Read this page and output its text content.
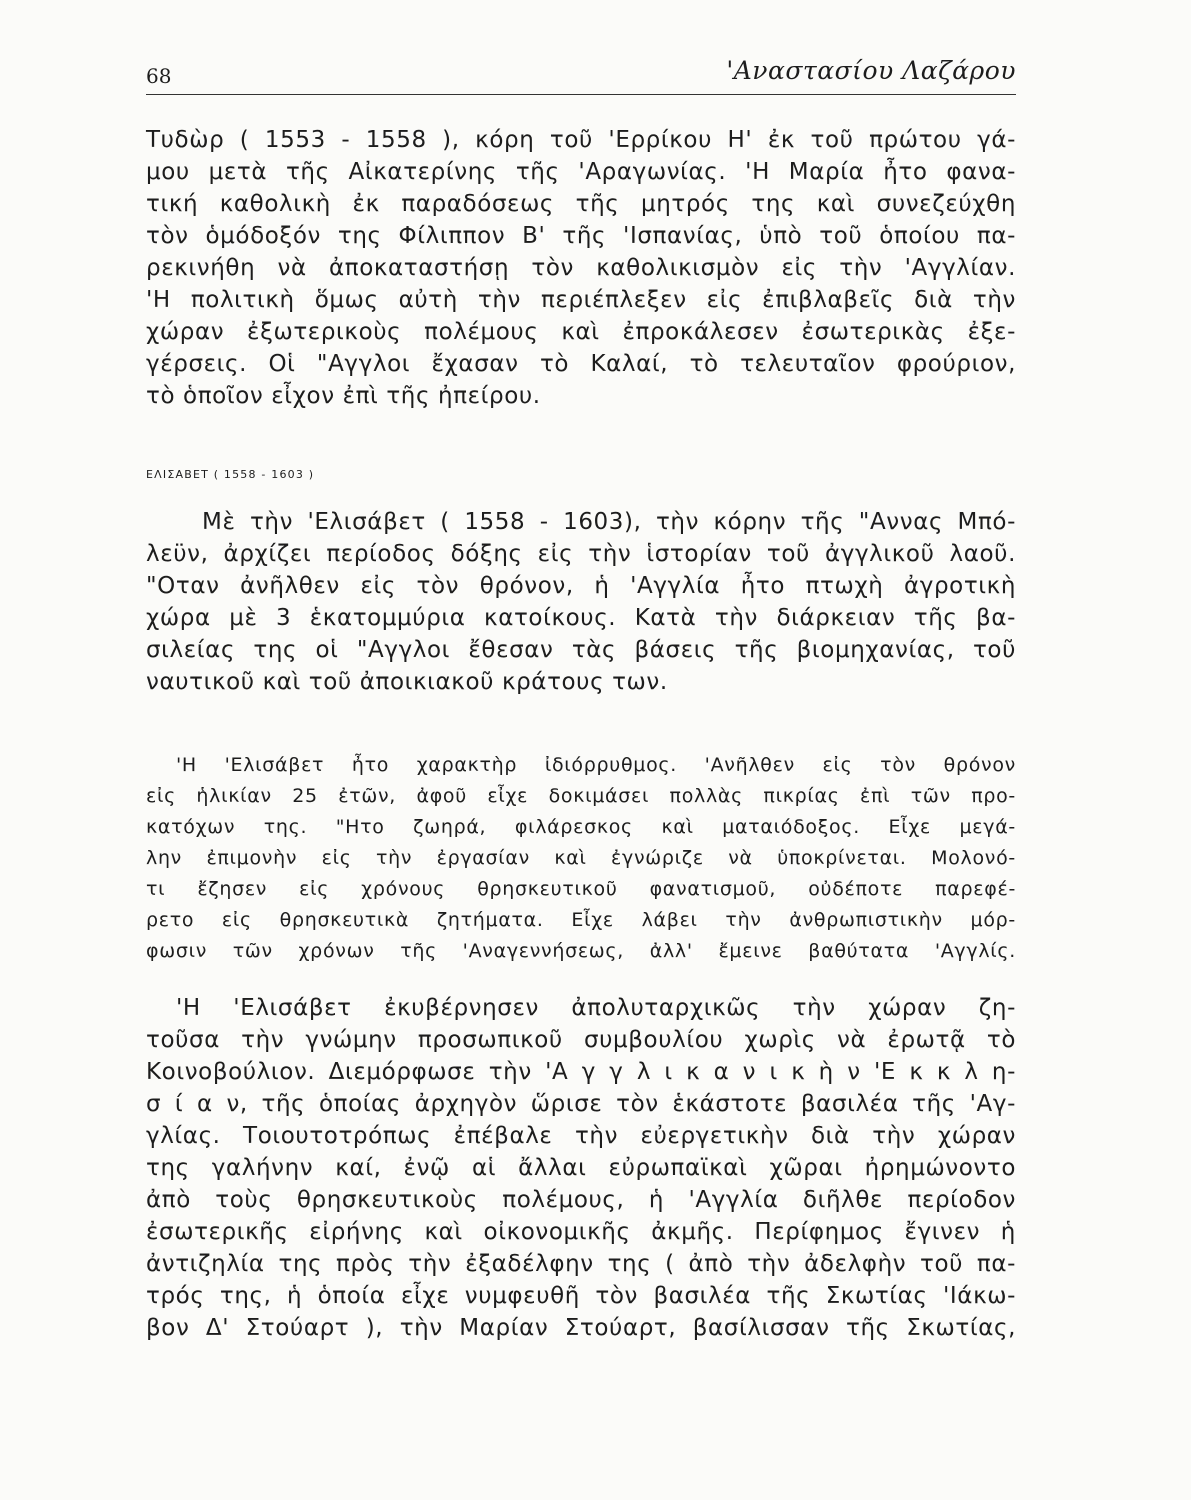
68	'Αναστασίου Λαζάρου
Τυδὼρ ( 1553 - 1558 ), κόρη τοῦ 'Ερρίκου Η' ἐκ τοῦ πρώτου γά-
μου μετὰ τῆς Αἰκατερίνης τῆς 'Αραγωνίας. 'Η Μαρία ἦτο φανα-
τική καθολικὴ ἐκ παραδόσεως τῆς μητρός της καὶ συνεζεύχθη
τὸν ὁμόδοξόν της Φίλιππον Β' τῆς 'Ισπανίας, ὑπὸ τοῦ ὁποίου πα-
ρεκινήθη νὰ ἀποκαταστήσῃ τὸν καθολικισμὸν εἰς τὴν 'Αγγλίαν.
'Η πολιτικὴ ὅμως αὐτὴ τὴν περιέπλεξεν εἰς ἐπιβλαβεῖς διὰ τὴν
χώραν ἐξωτερικοὺς πολέμους καὶ ἐπροκάλεσεν ἐσωτερικὰς ἐξε-
γέρσεις. Οἱ "Αγγλοι ἔχασαν τὸ Καλαί, τὸ τελευταῖον φρούριον,
τὸ ὁποῖον εἶχον ἐπὶ τῆς ἠπείρου.
ΕΛΙΣΑΒΕΤ ( 1558 - 1603 )
Μὲ τὴν 'Ελισάβετ ( 1558 - 1603), τὴν κόρην τῆς "Αννας Μπό-
λεϋν, ἀρχίζει περίοδος δόξης εἰς τὴν ἱστορίαν τοῦ ἀγγλικοῦ λαοῦ.
"Οταν ἀνῆλθεν εἰς τὸν θρόνον, ἡ 'Αγγλία ἦτο πτωχὴ ἀγροτικὴ
χώρα μὲ 3 ἑκατομμύρια κατοίκους. Κατὰ τὴν διάρκειαν τῆς βα-
σιλείας της οἱ "Αγγλοι ἔθεσαν τὰς βάσεις τῆς βιομηχανίας, τοῦ
ναυτικοῦ καὶ τοῦ ἀποικιακοῦ κράτους των.
'Η 'Ελισάβετ ἦτο χαρακτὴρ ἰδιόρρυθμος. 'Ανῆλθεν εἰς τὸν θρόνον
εἰς ἡλικίαν 25 ἐτῶν, ἀφοῦ εἶχε δοκιμάσει πολλὰς πικρίας ἐπὶ τῶν προ-
κατόχων της. "Ητο ζωηρά, φιλάρεσκος καὶ ματαιόδοξος. Εἶχε μεγά-
λην ἐπιμονὴν εἰς τὴν ἐργασίαν καὶ ἐγνώριζε νὰ ὑποκρίνεται. Μολονό-
τι ἔζησεν εἰς χρόνους θρησκευτικοῦ φανατισμοῦ, οὐδέποτε παρεφέ-
ρετο εἰς θρησκευτικὰ ζητήματα. Εἶχε λάβει τὴν ἀνθρωπιστικὴν μόρ-
φωσιν τῶν χρόνων τῆς 'Αναγεννήσεως, ἀλλ' ἔμεινε βαθύτατα 'Αγγλίς.
'Η 'Ελισάβετ ἐκυβέρνησεν ἀπολυταρχικῶς τὴν χώραν ζη-
τοῦσα τὴν γνώμην προσωπικοῦ συμβουλίου χωρὶς νὰ ἐρωτᾷ τὸ
Κοινοβούλιον. Διεμόρφωσε τὴν 'Α γ γ λ ι κ α ν ι κ ὴ ν 'Ε κ κ λ η-
σ ί α ν, τῆς ὁποίας ἀρχηγὸν ὥρισε τὸν ἑκάστοτε βασιλέα τῆς 'Αγ-
γλίας. Τοιουτοτρόπως ἐπέβαλε τὴν εὐεργετικὴν διὰ τὴν χώραν
της γαλήνην καί, ἐνῷ αἱ ἄλλαι εὐρωπαϊκαὶ χῶραι ἠρημώνοντο
ἀπὸ τοὺς θρησκευτικοὺς πολέμους, ἡ 'Αγγλία διῆλθε περίοδον
ἐσωτερικῆς εἰρήνης καὶ οἰκονομικῆς ἀκμῆς. Περίφημος ἔγινεν ἡ
ἀντιζηλία της πρὸς τὴν ἐξαδέλφην της ( ἀπὸ τὴν ἀδελφὴν τοῦ πα-
τρός της, ἡ ὁποία εἶχε νυμφευθῆ τὸν βασιλέα τῆς Σκωτίας 'Ιάκω-
βον Δ' Στούαρτ ), τὴν Μαρίαν Στούαρτ, βασίλισσαν τῆς Σκωτίας,
